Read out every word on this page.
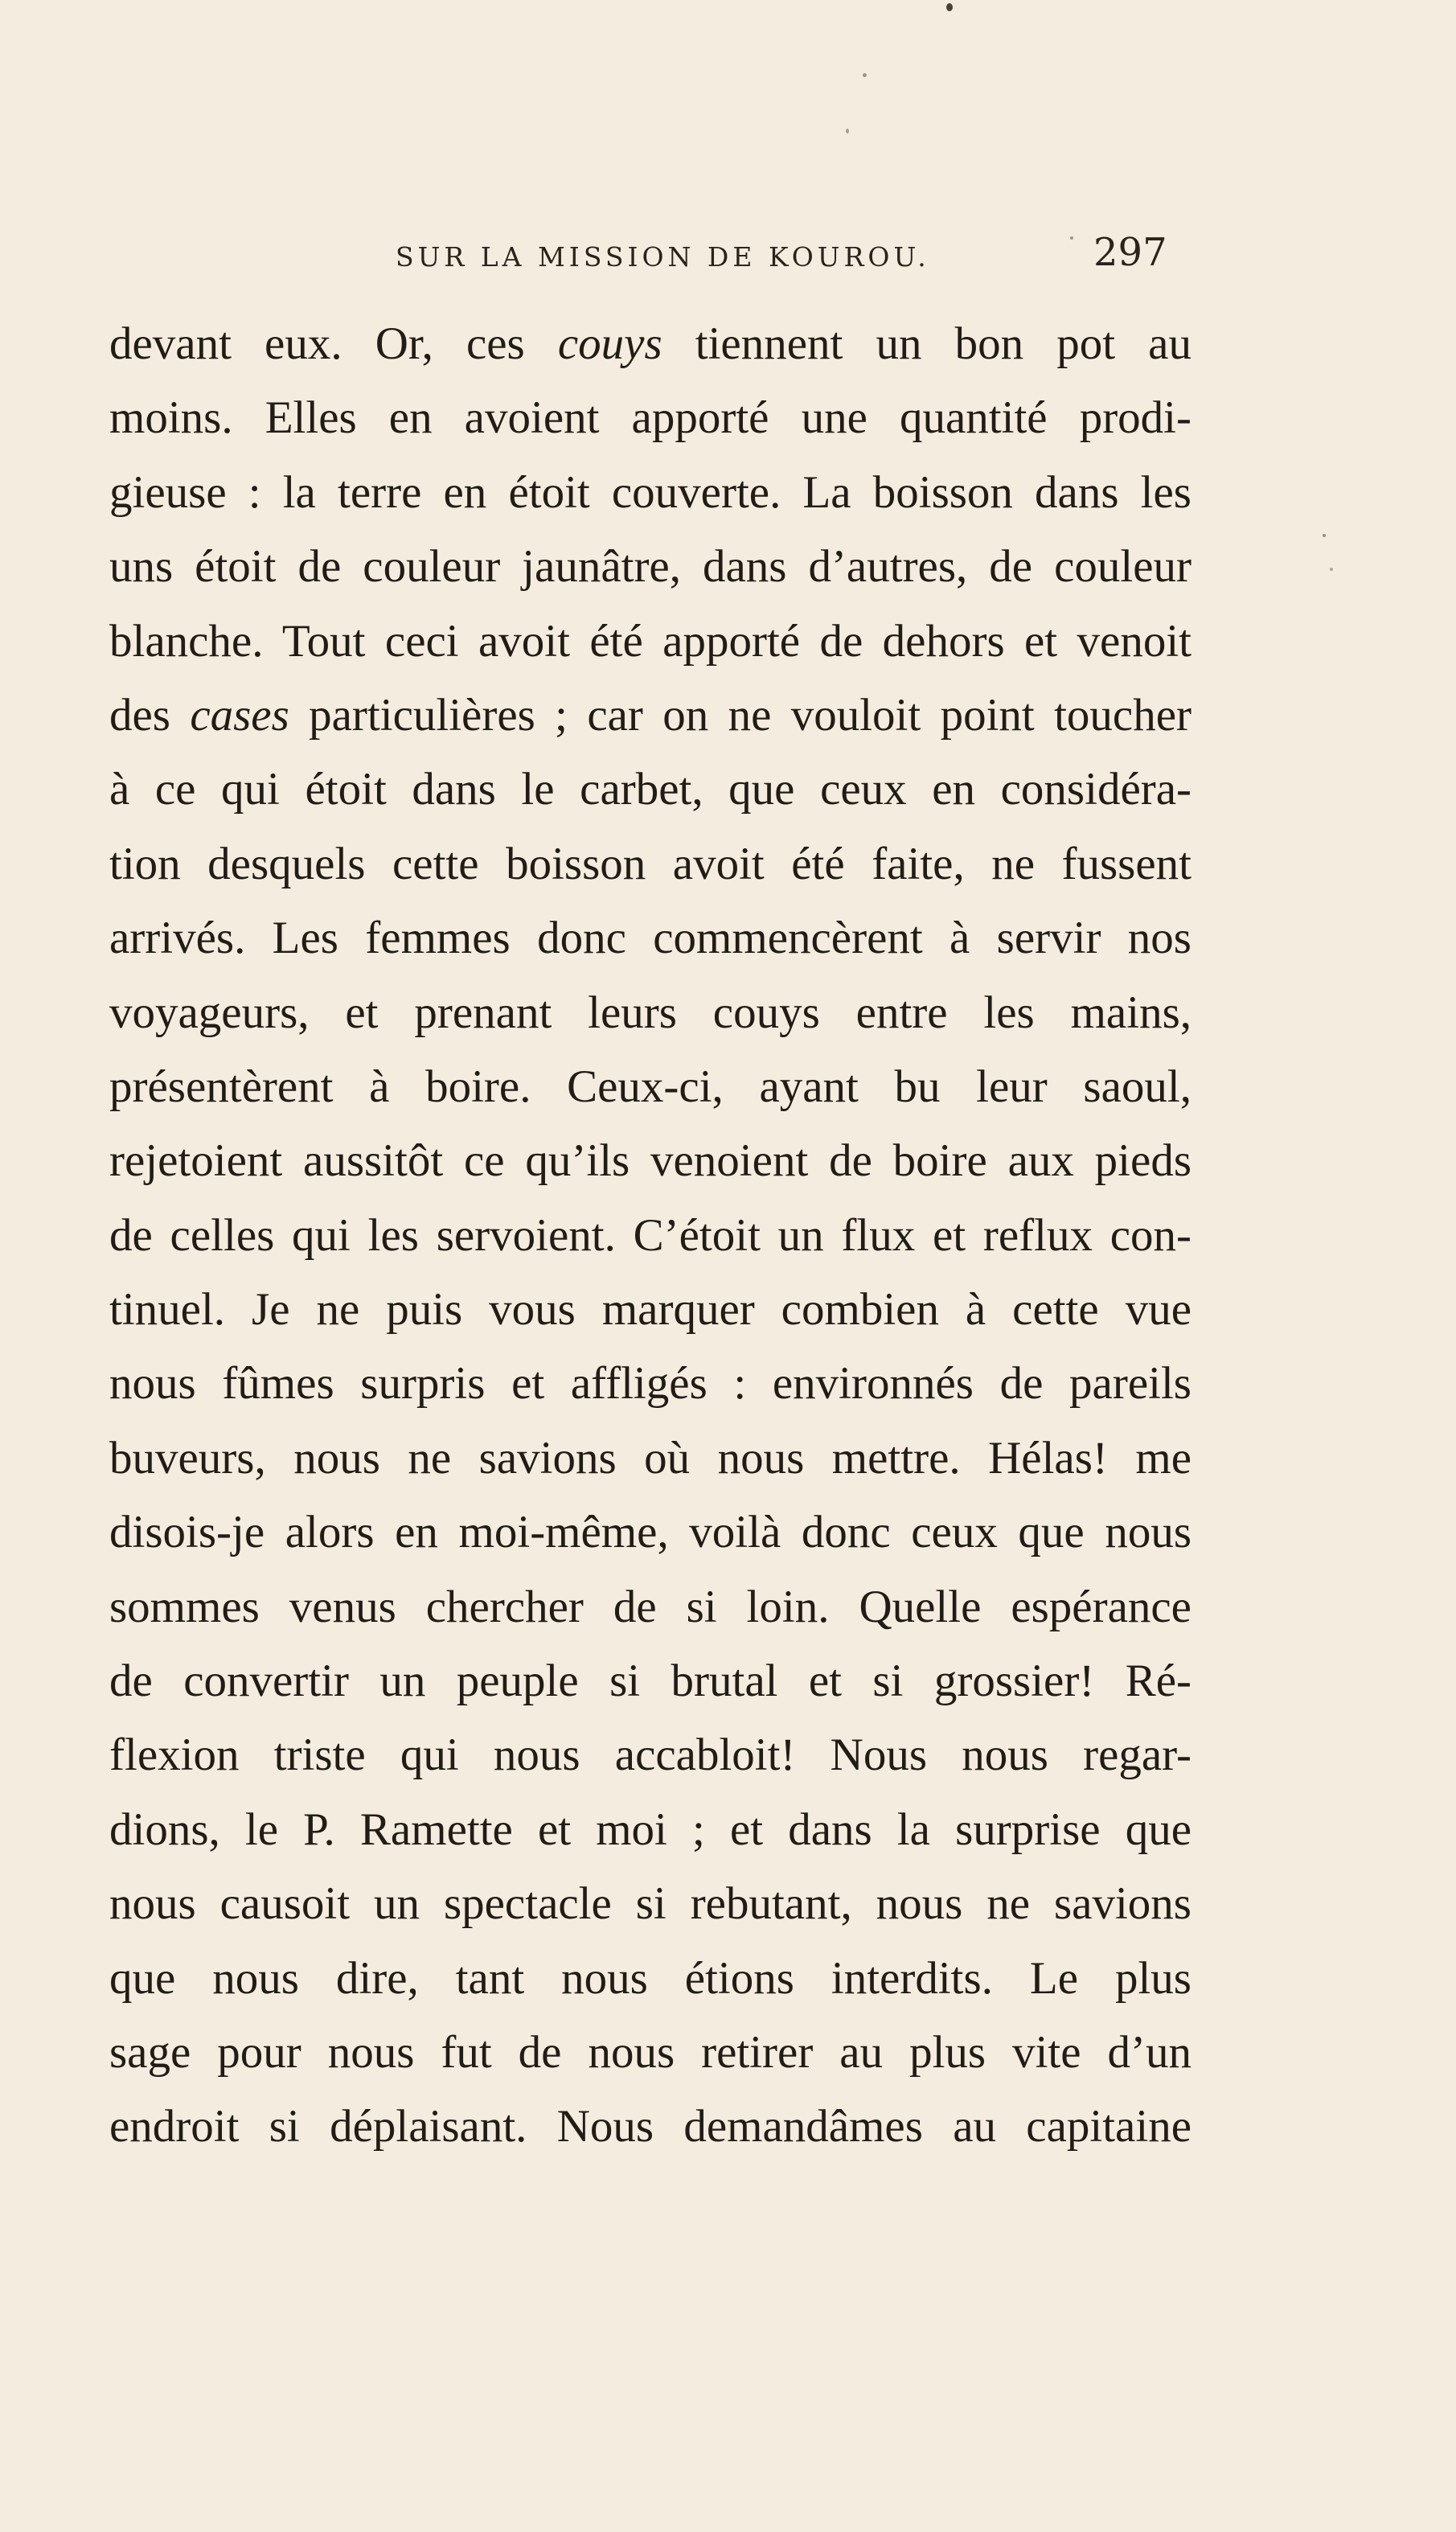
SUR LA MISSION DE KOUROU.	297
devant eux. Or, ces couys tiennent un bon pot au
moins. Elles en avoient apporté une quantité prodi-
gieuse : la terre en étoit couverte. La boisson dans les
uns étoit de couleur jaunâtre, dans d’autres, de couleur
blanche. Tout ceci avoit été apporté de dehors et venoit
des cases particulières ; car on ne vouloit point toucher
à ce qui étoit dans le carbet, que ceux en considéra-
tion desquels cette boisson avoit été faite, ne fussent
arrivés. Les femmes donc commencèrent à servir nos
voyageurs, et prenant leurs couys entre les mains,
présentèrent à boire. Ceux-ci, ayant bu leur saoul,
rejetoient aussitôt ce qu’ils venoient de boire aux pieds
de celles qui les servoient. C’étoit un flux et reflux con-
tinuel. Je ne puis vous marquer combien à cette vue
nous fûmes surpris et affligés : environnés de pareils
buveurs, nous ne savions où nous mettre. Hélas! me
disois-je alors en moi-même, voilà donc ceux que nous
sommes venus chercher de si loin. Quelle espérance
de convertir un peuple si brutal et si grossier! Ré-
flexion triste qui nous accabloit! Nous nous regar-
dions, le P. Ramette et moi ; et dans la surprise que
nous causoit un spectacle si rebutant, nous ne savions
que nous dire, tant nous étions interdits. Le plus
sage pour nous fut de nous retirer au plus vite d’un
endroit si déplaisant. Nous demandâmes au capitaine
